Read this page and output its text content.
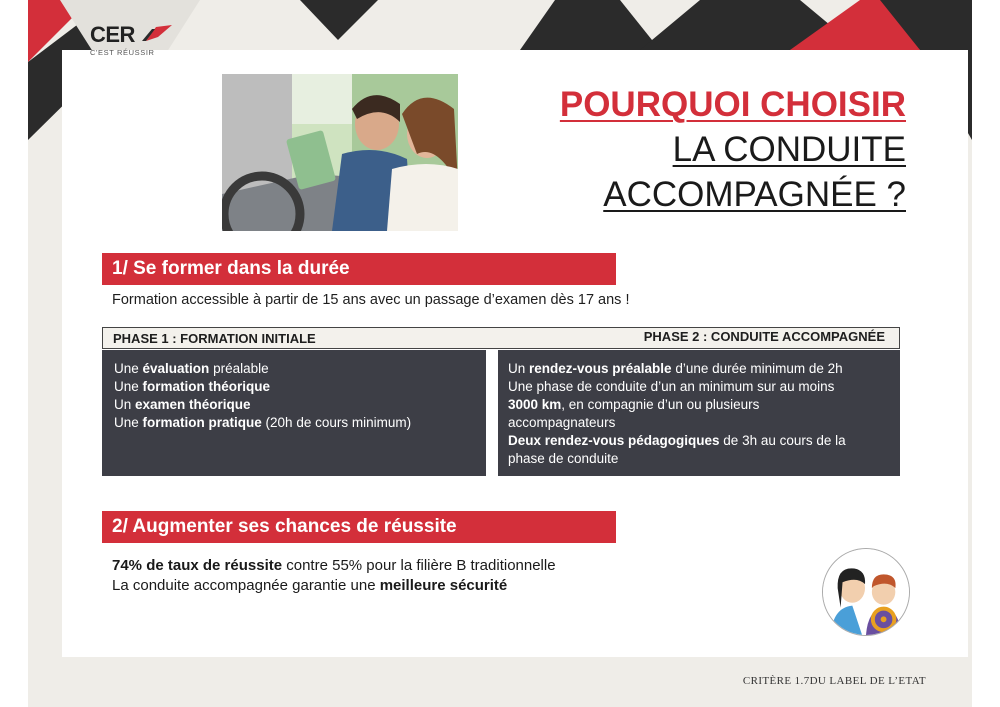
CER
C'EST RÉUSSIR
POURQUOI CHOISIR
LA CONDUITE
ACCOMPAGNÉE ?
1/ Se former dans la durée
Formation accessible à partir de 15 ans avec un passage d’examen dès 17 ans !
PHASE 1 : FORMATION INITIALE	PHASE 2 : CONDUITE ACCOMPAGNÉE
Une évaluation préalable
Une formation théorique
Un examen théorique
Une formation pratique (20h de cours minimum)
Un rendez-vous préalable d’une durée minimum de 2h
Une phase de conduite d’un an minimum sur au moins
3000 km, en compagnie d’un ou plusieurs
accompagnateurs
Deux rendez-vous pédagogiques de 3h au cours de la
phase de conduite
2/ Augmenter ses chances de réussite
74% de taux de réussite contre 55% pour la filière B traditionnelle
La conduite accompagnée garantie une meilleure sécurité
CRITÈRE 1.7DU LABEL DE L’ETAT
